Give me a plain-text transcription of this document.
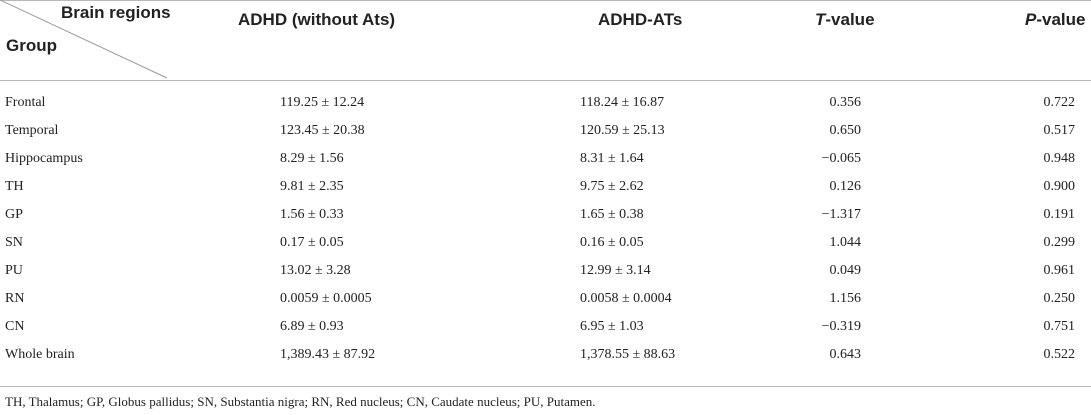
Brain regions
Group
ADHD (without Ats)	ADHD-ATs	T-value	P-value
Frontal	119.25 ± 12.24	118.24 ± 16.87	0.356	0.722
Temporal	123.45 ± 20.38	120.59 ± 25.13	0.650	0.517
Hippocampus	8.29 ± 1.56	8.31 ± 1.64	−0.065	0.948
TH	9.81 ± 2.35	9.75 ± 2.62	0.126	0.900
GP	1.56 ± 0.33	1.65 ± 0.38	−1.317	0.191
SN	0.17 ± 0.05	0.16 ± 0.05	1.044	0.299
PU	13.02 ± 3.28	12.99 ± 3.14	0.049	0.961
RN	0.0059 ± 0.0005	0.0058 ± 0.0004	1.156	0.250
CN	6.89 ± 0.93	6.95 ± 1.03	−0.319	0.751
Whole brain	1,389.43 ± 87.92	1,378.55 ± 88.63	0.643	0.522
TH, Thalamus; GP, Globus pallidus; SN, Substantia nigra; RN, Red nucleus; CN, Caudate nucleus; PU, Putamen.
